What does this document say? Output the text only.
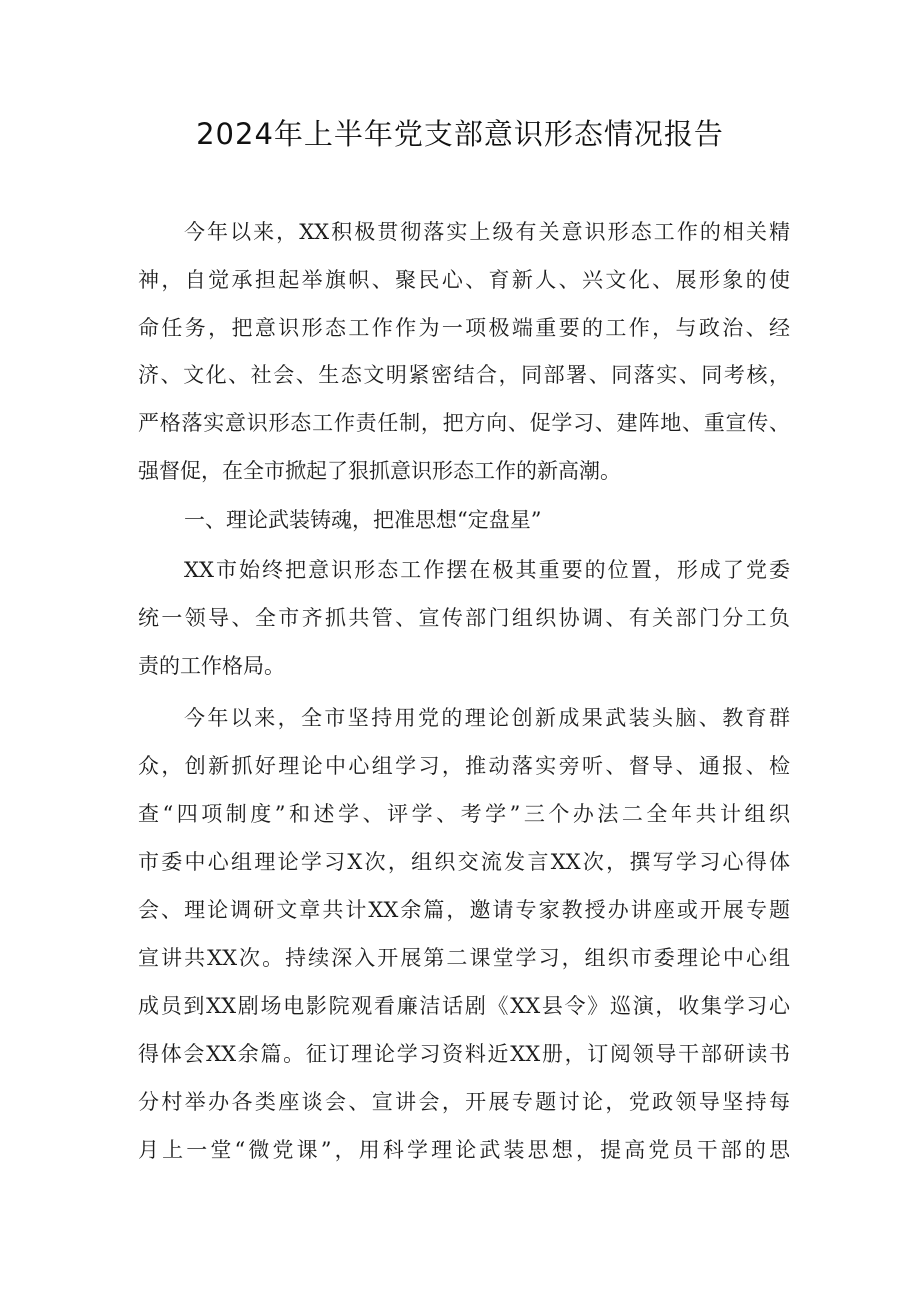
2024年上半年党支部意识形态情况报告
今年以来，XX积极贯彻落实上级有关意识形态工作的相关精
神，自觉承担起举旗帜、聚民心、育新人、兴文化、展形象的使
命任务，把意识形态工作作为一项极端重要的工作，与政治、经
济、文化、社会、生态文明紧密结合，同部署、同落实、同考核，
严格落实意识形态工作责任制，把方向、促学习、建阵地、重宣传、
强督促，在全市掀起了狠抓意识形态工作的新高潮。
一、理论武装铸魂，把准思想“定盘星”
XX市始终把意识形态工作摆在极其重要的位置，形成了党委
统一领导、全市齐抓共管、宣传部门组织协调、有关部门分工负
责的工作格局。
今年以来，全市坚持用党的理论创新成果武装头脑、教育群
众，创新抓好理论中心组学习，推动落实旁听、督导、通报、检
查“四项制度”和述学、评学、考学”三个办法二全年共计组织
市委中心组理论学习X次，组织交流发言XX次，撰写学习心得体
会、理论调研文章共计XX余篇，邀请专家教授办讲座或开展专题
宣讲共XX次。持续深入开展第二课堂学习，组织市委理论中心组
成员到XX剧场电影院观看廉洁话剧《XX县令》巡演，收集学习心
得体会XX余篇。征订理论学习资料近XX册，订阅领导干部研读书
分村举办各类座谈会、宣讲会，开展专题讨论，党政领导坚持每
月上一堂“微党课”，用科学理论武装思想，提高党员干部的思
